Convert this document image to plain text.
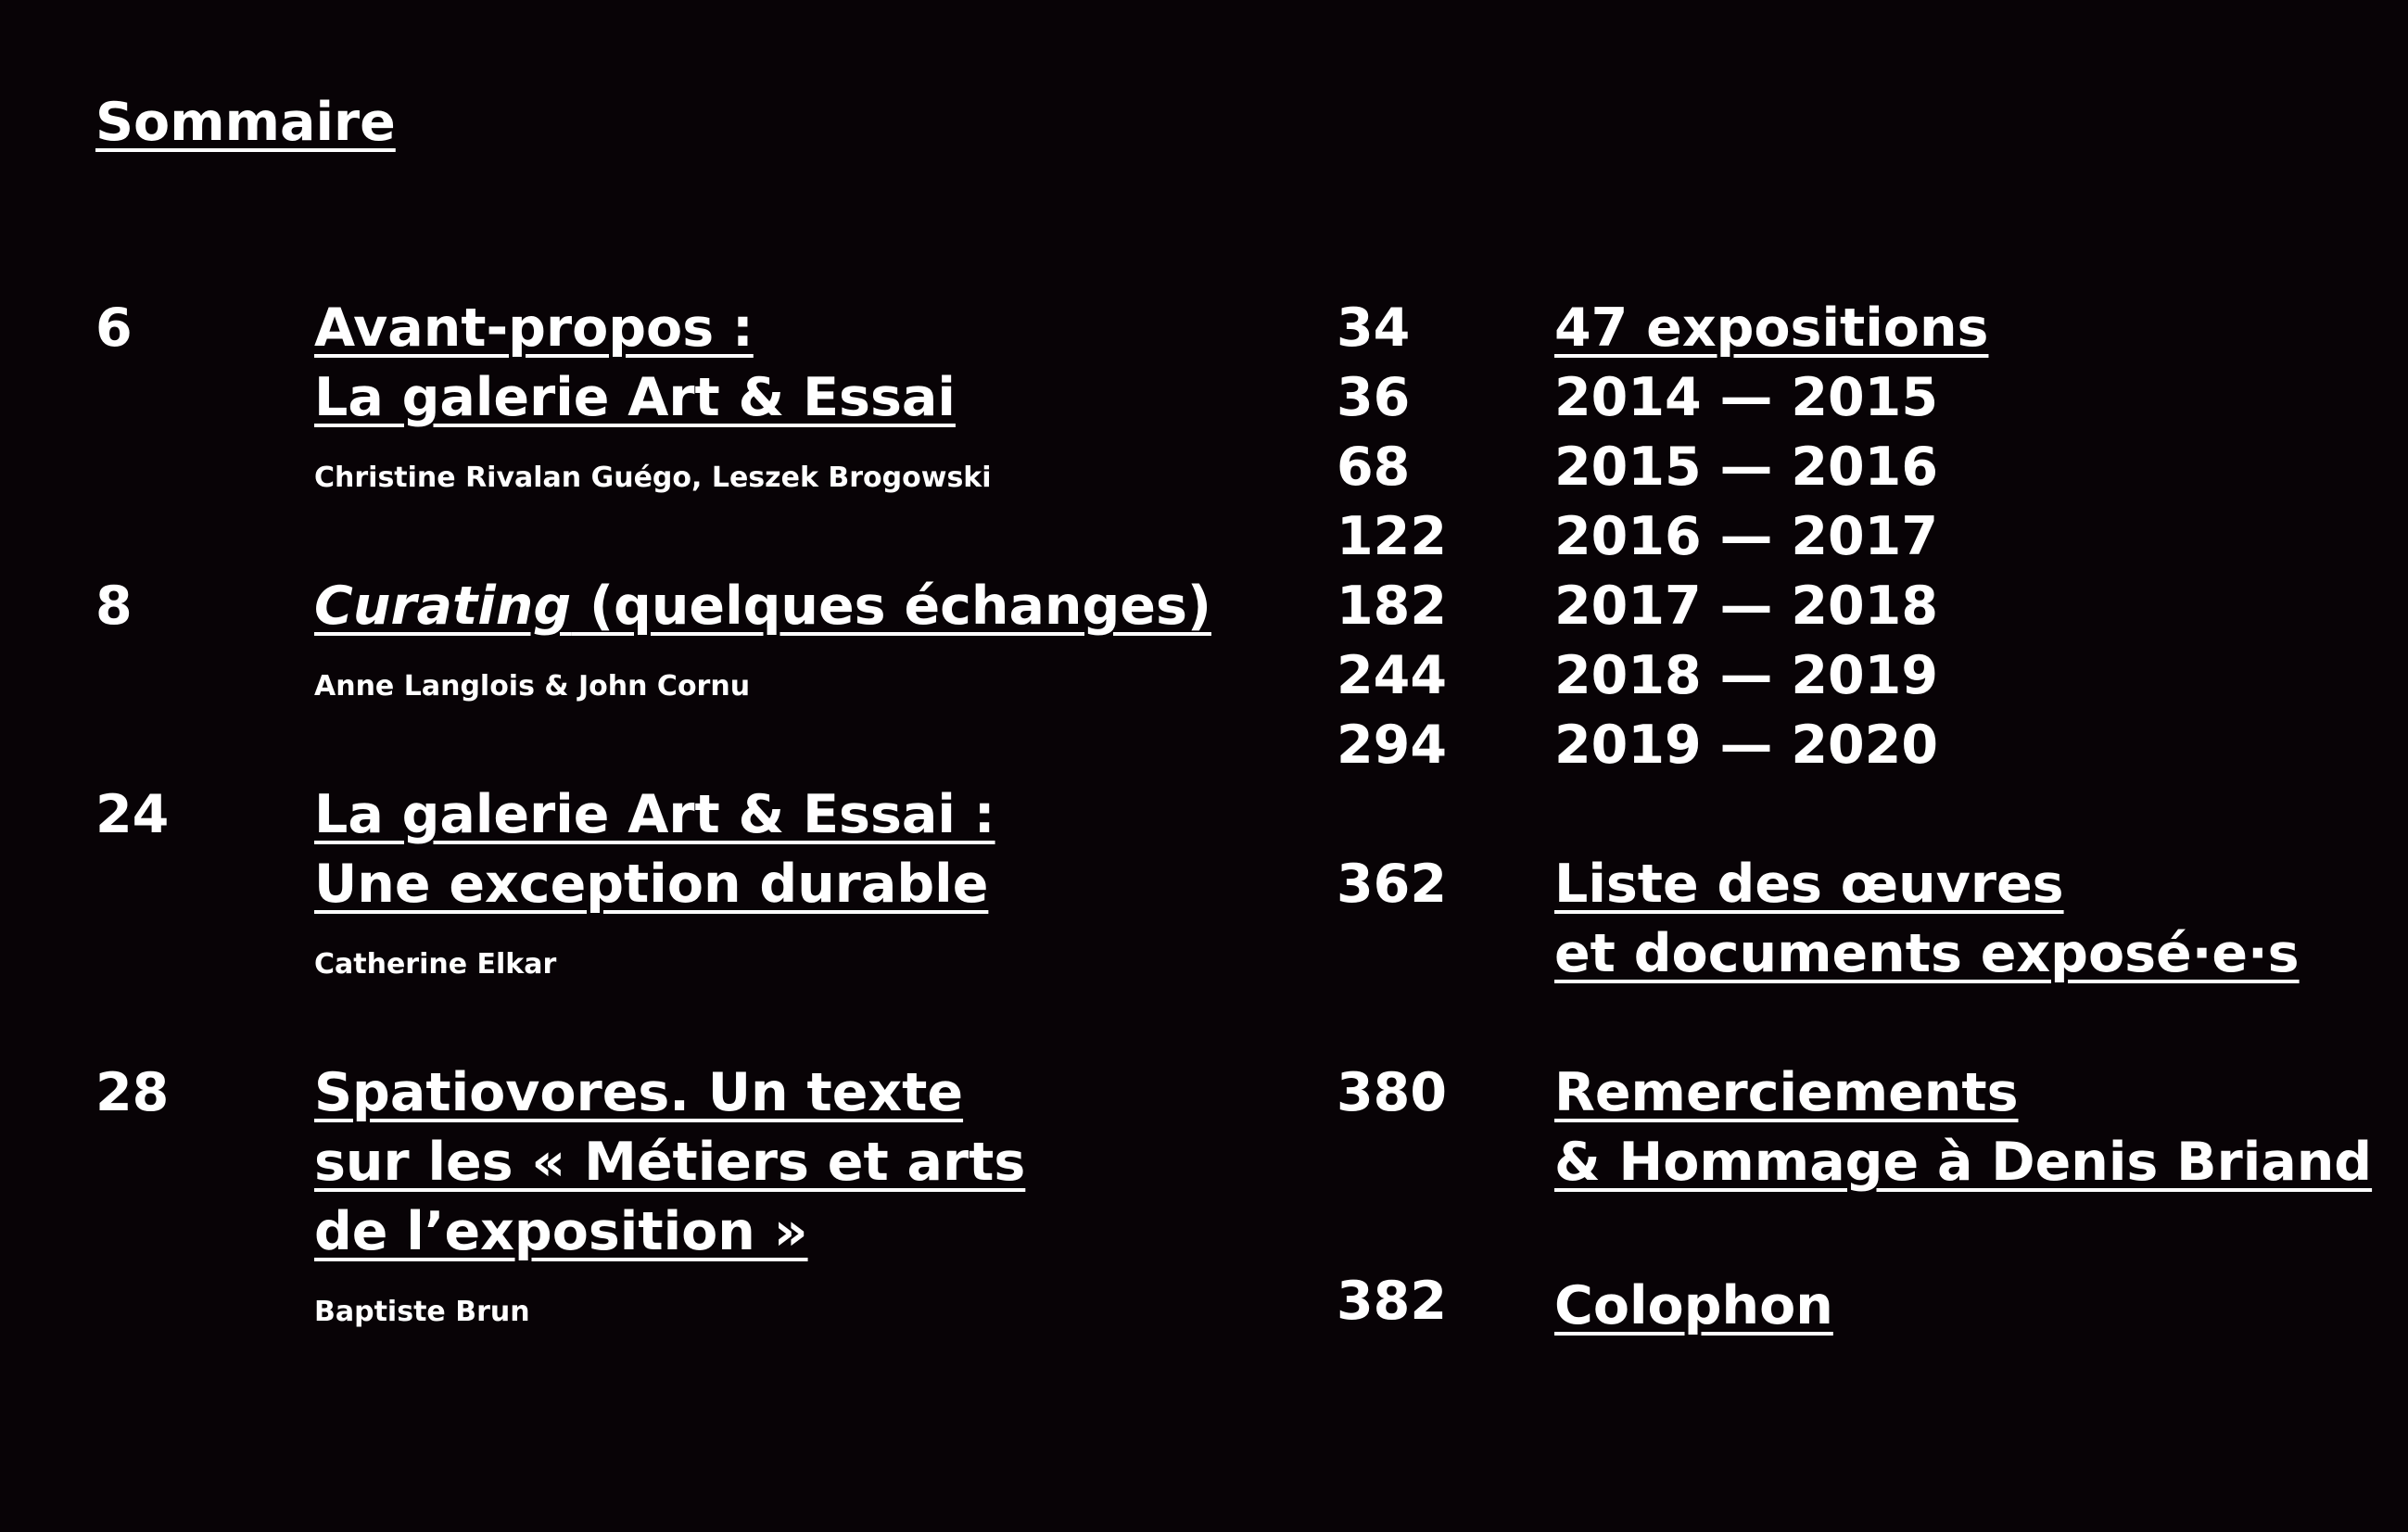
Sommaire
6	Avant-propos :
La galerie Art & Essai
Christine Rivalan Guégo, Leszek Brogowski
8	Curating (quelques échanges)
Anne Langlois & John Cornu
24	La galerie Art & Essai :
Une exception durable
Catherine Elkar
28	Spatiovores. Un texte
sur les « Métiers et arts
de l’exposition »
Baptiste Brun
34	47 expositions
36	2014 — 2015
68	2015 — 2016
122 2016 — 2017
182 2017 — 2018
244 2018 — 2019
294 2019 — 2020
362 Liste des œuvres
et documents exposé·e·s
380 Remerciements
& Hommage à Denis Briand
382 Colophon
